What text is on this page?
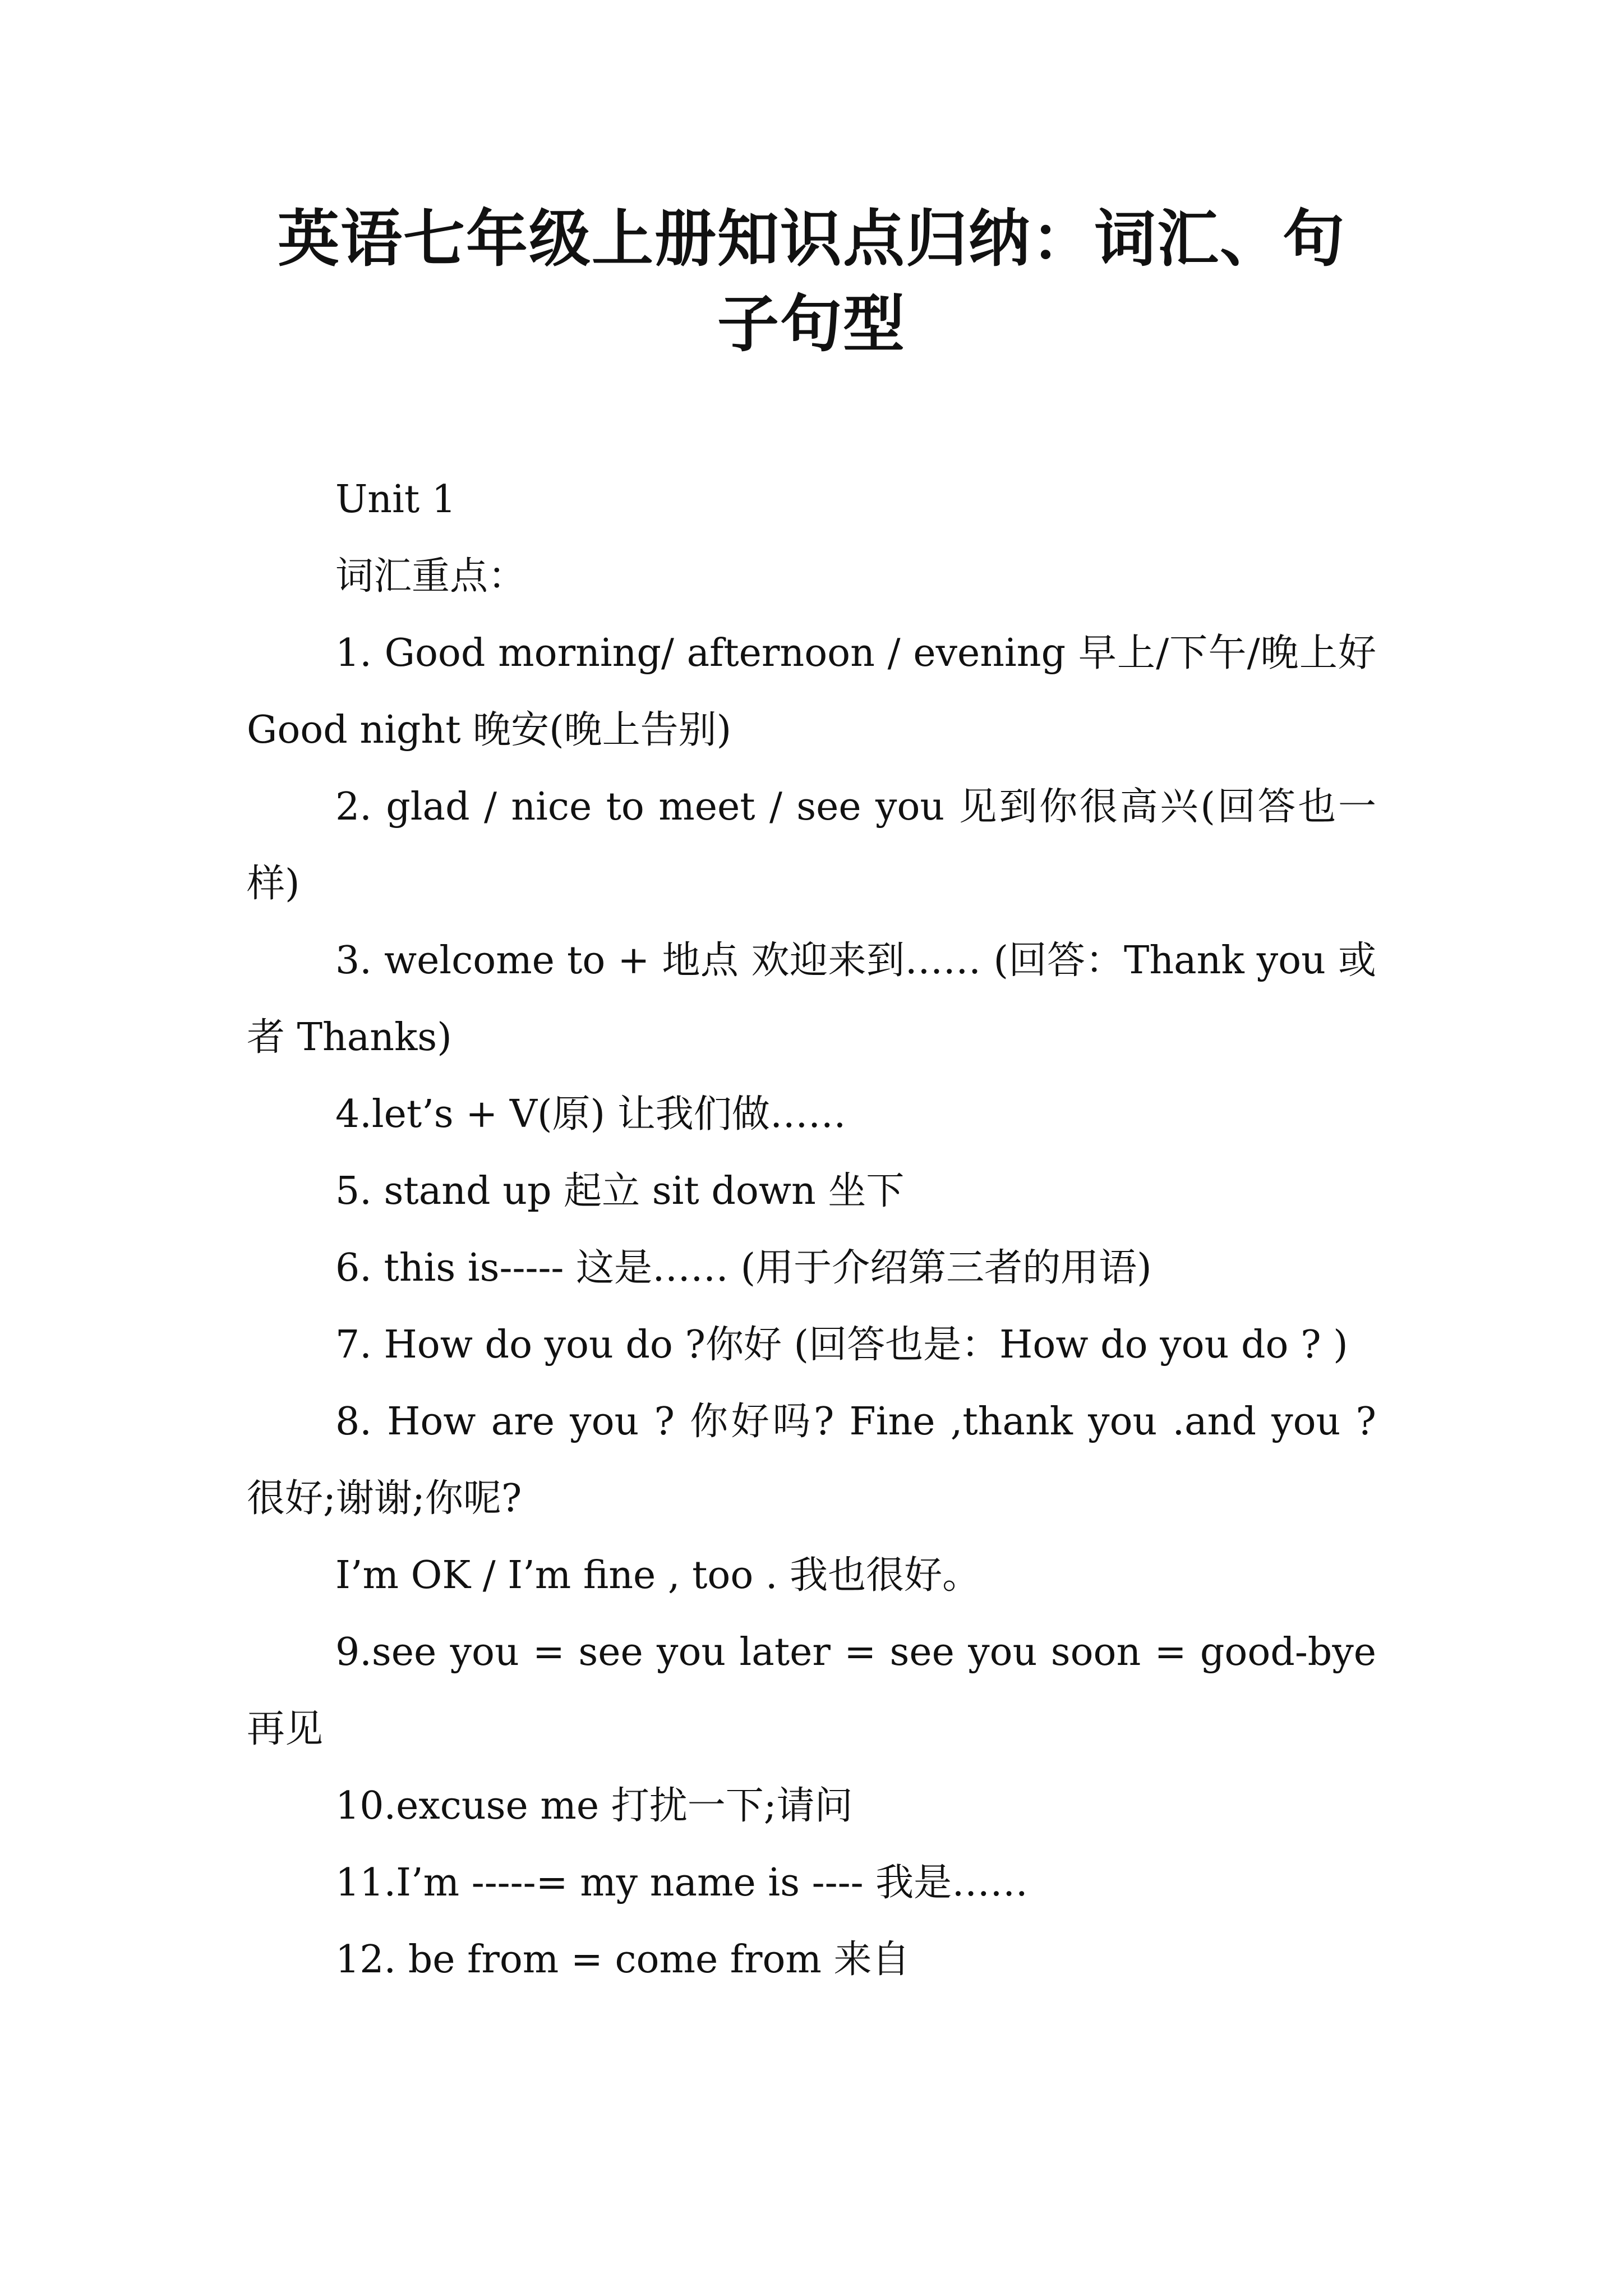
英语七年级上册知识点归纳：词汇、句子句型

Unit 1

词汇重点：

1. Good morning/ afternoon / evening 早上/下午/晚上好 Good night 晚安(晚上告别)

2. glad / nice to meet / see you 见到你很高兴(回答也一样)

3. welcome to + 地点 欢迎来到…… (回答：Thank you 或者 Thanks)

4.let’s + V(原) 让我们做……

5. stand up 起立 sit down 坐下

6. this is----- 这是…… (用于介绍第三者的用语)

7. How do you do ?你好 (回答也是：How do you do ? )

8. How are you ? 你好吗? Fine ,thank you .and you ? 很好;谢谢;你呢?

I’m OK / I’m fine , too . 我也很好。

9.see you = see you later = see you soon = good-bye 再见

10.excuse me 打扰一下;请问

11.I’m -----= my name is ---- 我是……

12. be from = come from 来自
